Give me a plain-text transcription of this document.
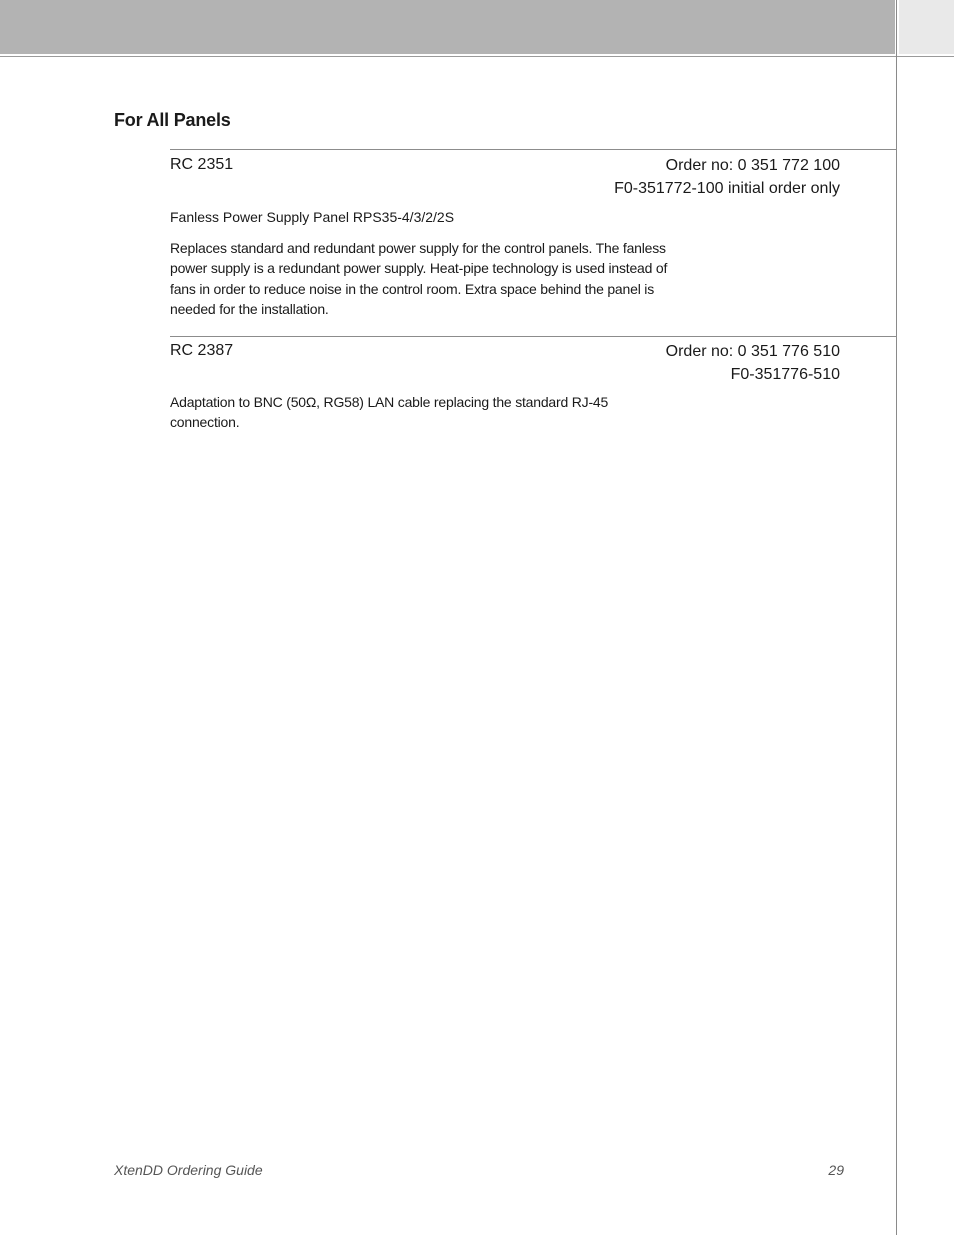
For All Panels
RC 2351	Order no: 0 351 772 100
F0-351772-100 initial order only
Fanless Power Supply Panel RPS35-4/3/2/2S
Replaces standard and redundant power supply for the control panels. The fanless power supply is a redundant power supply. Heat-pipe technology is used instead of fans in order to reduce noise in the control room. Extra space behind the panel is needed for the installation.
RC 2387	Order no: 0 351 776 510
F0-351776-510
Adaptation to BNC (50Ω, RG58) LAN cable replacing the standard RJ-45 connection.
XtenDD Ordering Guide	29
